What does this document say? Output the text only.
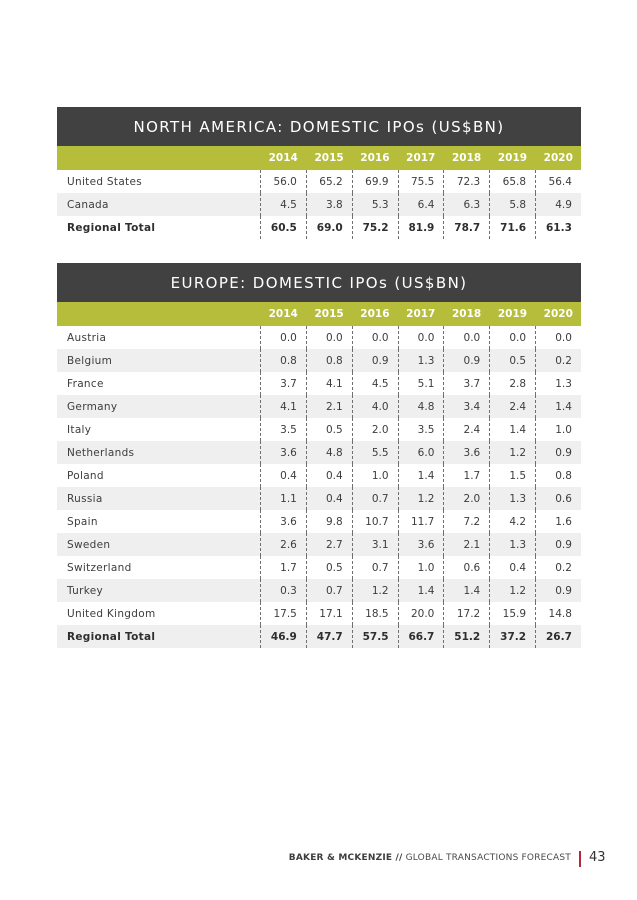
NORTH AMERICA: DOMESTIC IPOs (US$BN)
2014	2015	2016	2017	2018	2019	2020
United States	56.0	65.2	69.9	75.5	72.3	65.8	56.4
Canada	4.5	3.8	5.3	6.4	6.3	5.8	4.9
Regional Total	60.5	69.0	75.2	81.9	78.7	71.6	61.3
EUROPE: DOMESTIC IPOs (US$BN)
2014	2015	2016	2017	2018	2019	2020
Austria	0.0	0.0	0.0	0.0	0.0	0.0	0.0
Belgium	0.8	0.8	0.9	1.3	0.9	0.5	0.2
France	3.7	4.1	4.5	5.1	3.7	2.8	1.3
Germany	4.1	2.1	4.0	4.8	3.4	2.4	1.4
Italy	3.5	0.5	2.0	3.5	2.4	1.4	1.0
Netherlands	3.6	4.8	5.5	6.0	3.6	1.2	0.9
Poland	0.4	0.4	1.0	1.4	1.7	1.5	0.8
Russia	1.1	0.4	0.7	1.2	2.0	1.3	0.6
Spain	3.6	9.8	10.7	11.7	7.2	4.2	1.6
Sweden	2.6	2.7	3.1	3.6	2.1	1.3	0.9
Switzerland	1.7	0.5	0.7	1.0	0.6	0.4	0.2
Turkey	0.3	0.7	1.2	1.4	1.4	1.2	0.9
United Kingdom	17.5	17.1	18.5	20.0	17.2	15.9	14.8
Regional Total	46.9	47.7	57.5	66.7	51.2	37.2	26.7
BAKER & MCKENZIE // GLOBAL TRANSACTIONS FORECAST 43
